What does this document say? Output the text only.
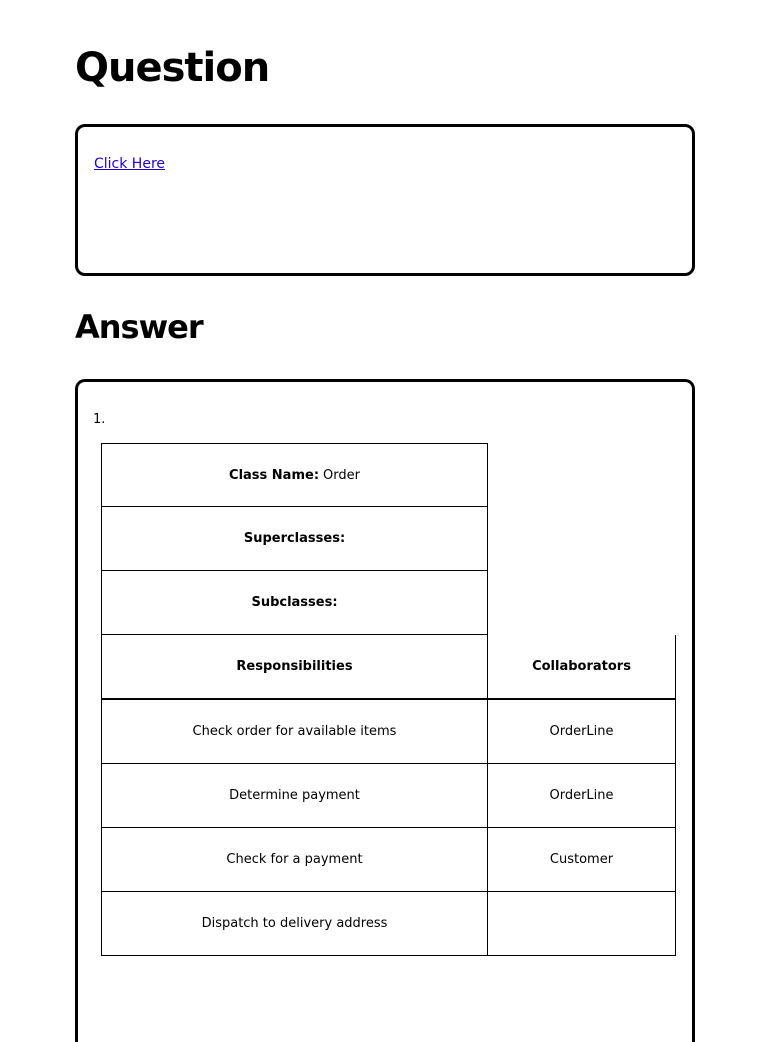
Question
Click Here
Answer
1.
Class Name: Order
Superclasses:
Subclasses:
Responsibilities	Collaborators
Check order for available items	OrderLine
Determine payment	OrderLine
Check for a payment	Customer
Dispatch to delivery address
